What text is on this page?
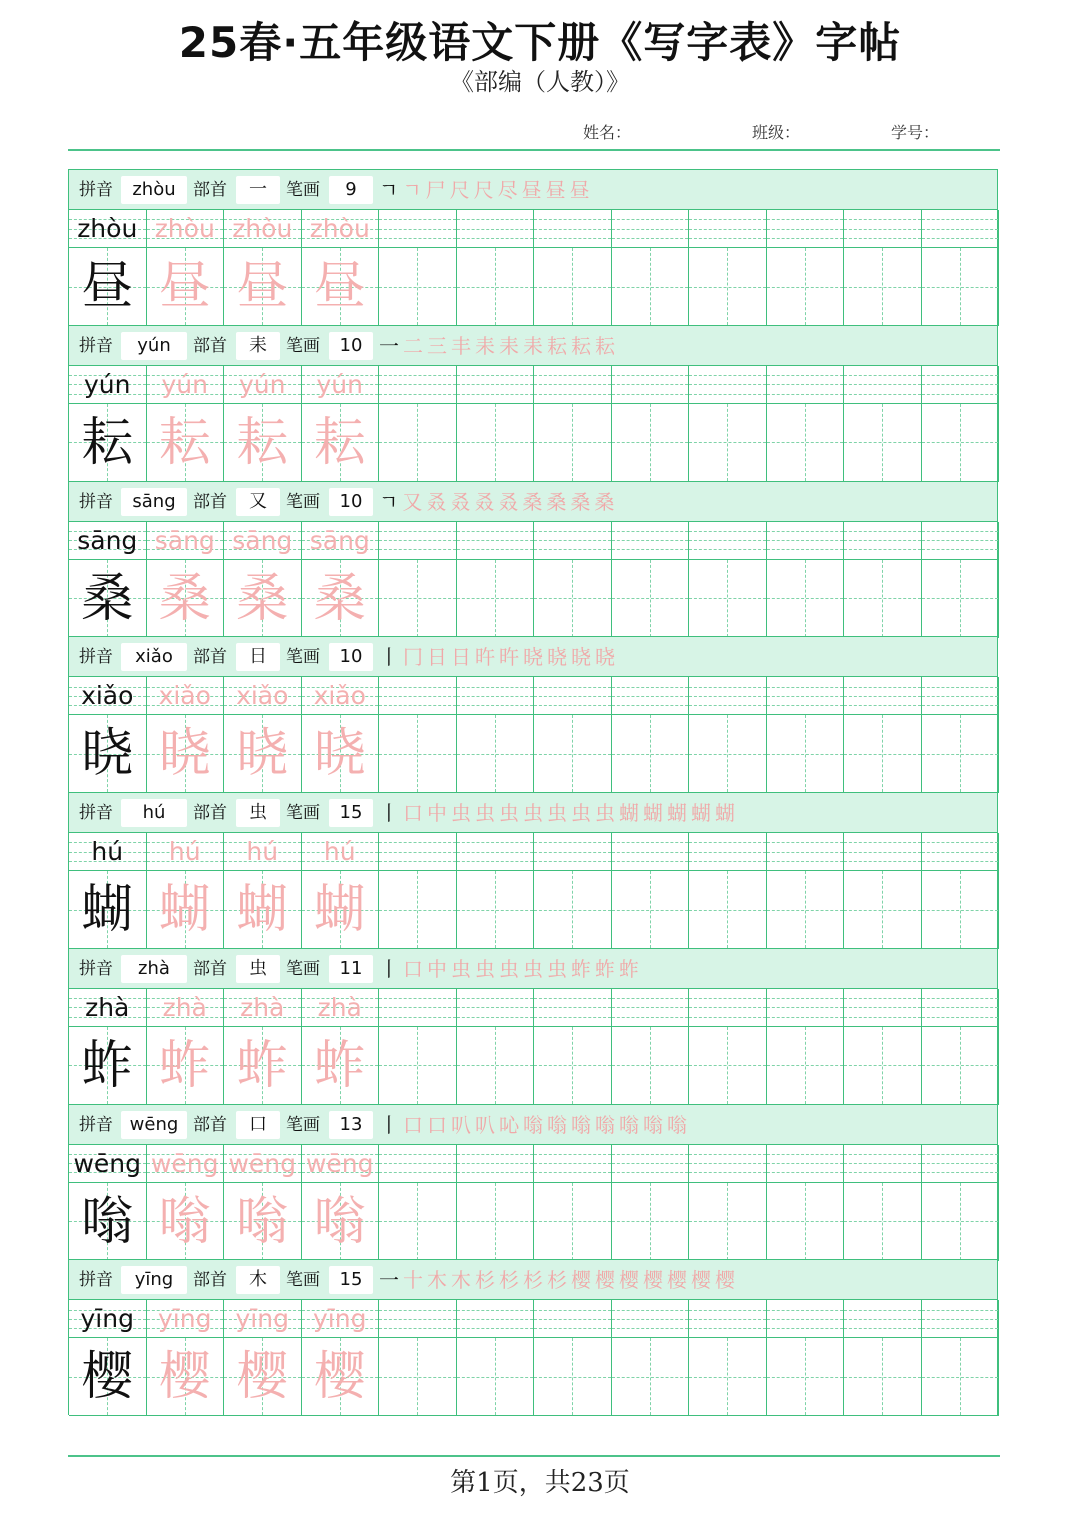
25春·五年级语文下册《写字表》字帖
《部编（人教）》
姓名：	班级：	学号：
拼音	zhòu	部首	一	笔画	9	ㄱㄱ尸尺尺尽昼昼昼
zhòu zhòu zhòu zhòu
昼 昼 昼 昼
拼音	yún	部首	耒	笔画	10 一二三丰耒耒耒耘耘耘
yún	yún	yún	yún
耘 耘 耘 耘
拼音	sāng	部首	又	笔画	10 ㄱ又叒叒叒叒桑桑桑桑
sāng sāng sāng sāng
桑 桑 桑 桑
拼音	xiǎo	部首	日	笔画	10 丨冂日日旿旿晓晓晓晓
xiǎo	xiǎo	xiǎo	xiǎo
晓 晓 晓 晓
拼音	hú	部首	虫	笔画	15 丨口中虫虫虫虫虫虫虫蝴蝴蝴蝴蝴
hú	hú	hú	hú
蝴 蝴 蝴 蝴
拼音	zhà	部首	虫	笔画	11 丨口中虫虫虫虫虫蚱蚱蚱
zhà	zhà	zhà	zhà
蚱 蚱 蚱 蚱
拼音 wēng 部首	口	笔画	13 丨口口叭叭吣嗡嗡嗡嗡嗡嗡嗡
wēng wēng wēng wēng
嗡 嗡 嗡 嗡
拼音	yīng	部首	木	笔画	15 一十木木杉杉杉杉樱樱樱樱樱樱樱
yīng yīng yīng yīng
樱 樱 樱 樱
第1页，共23页
